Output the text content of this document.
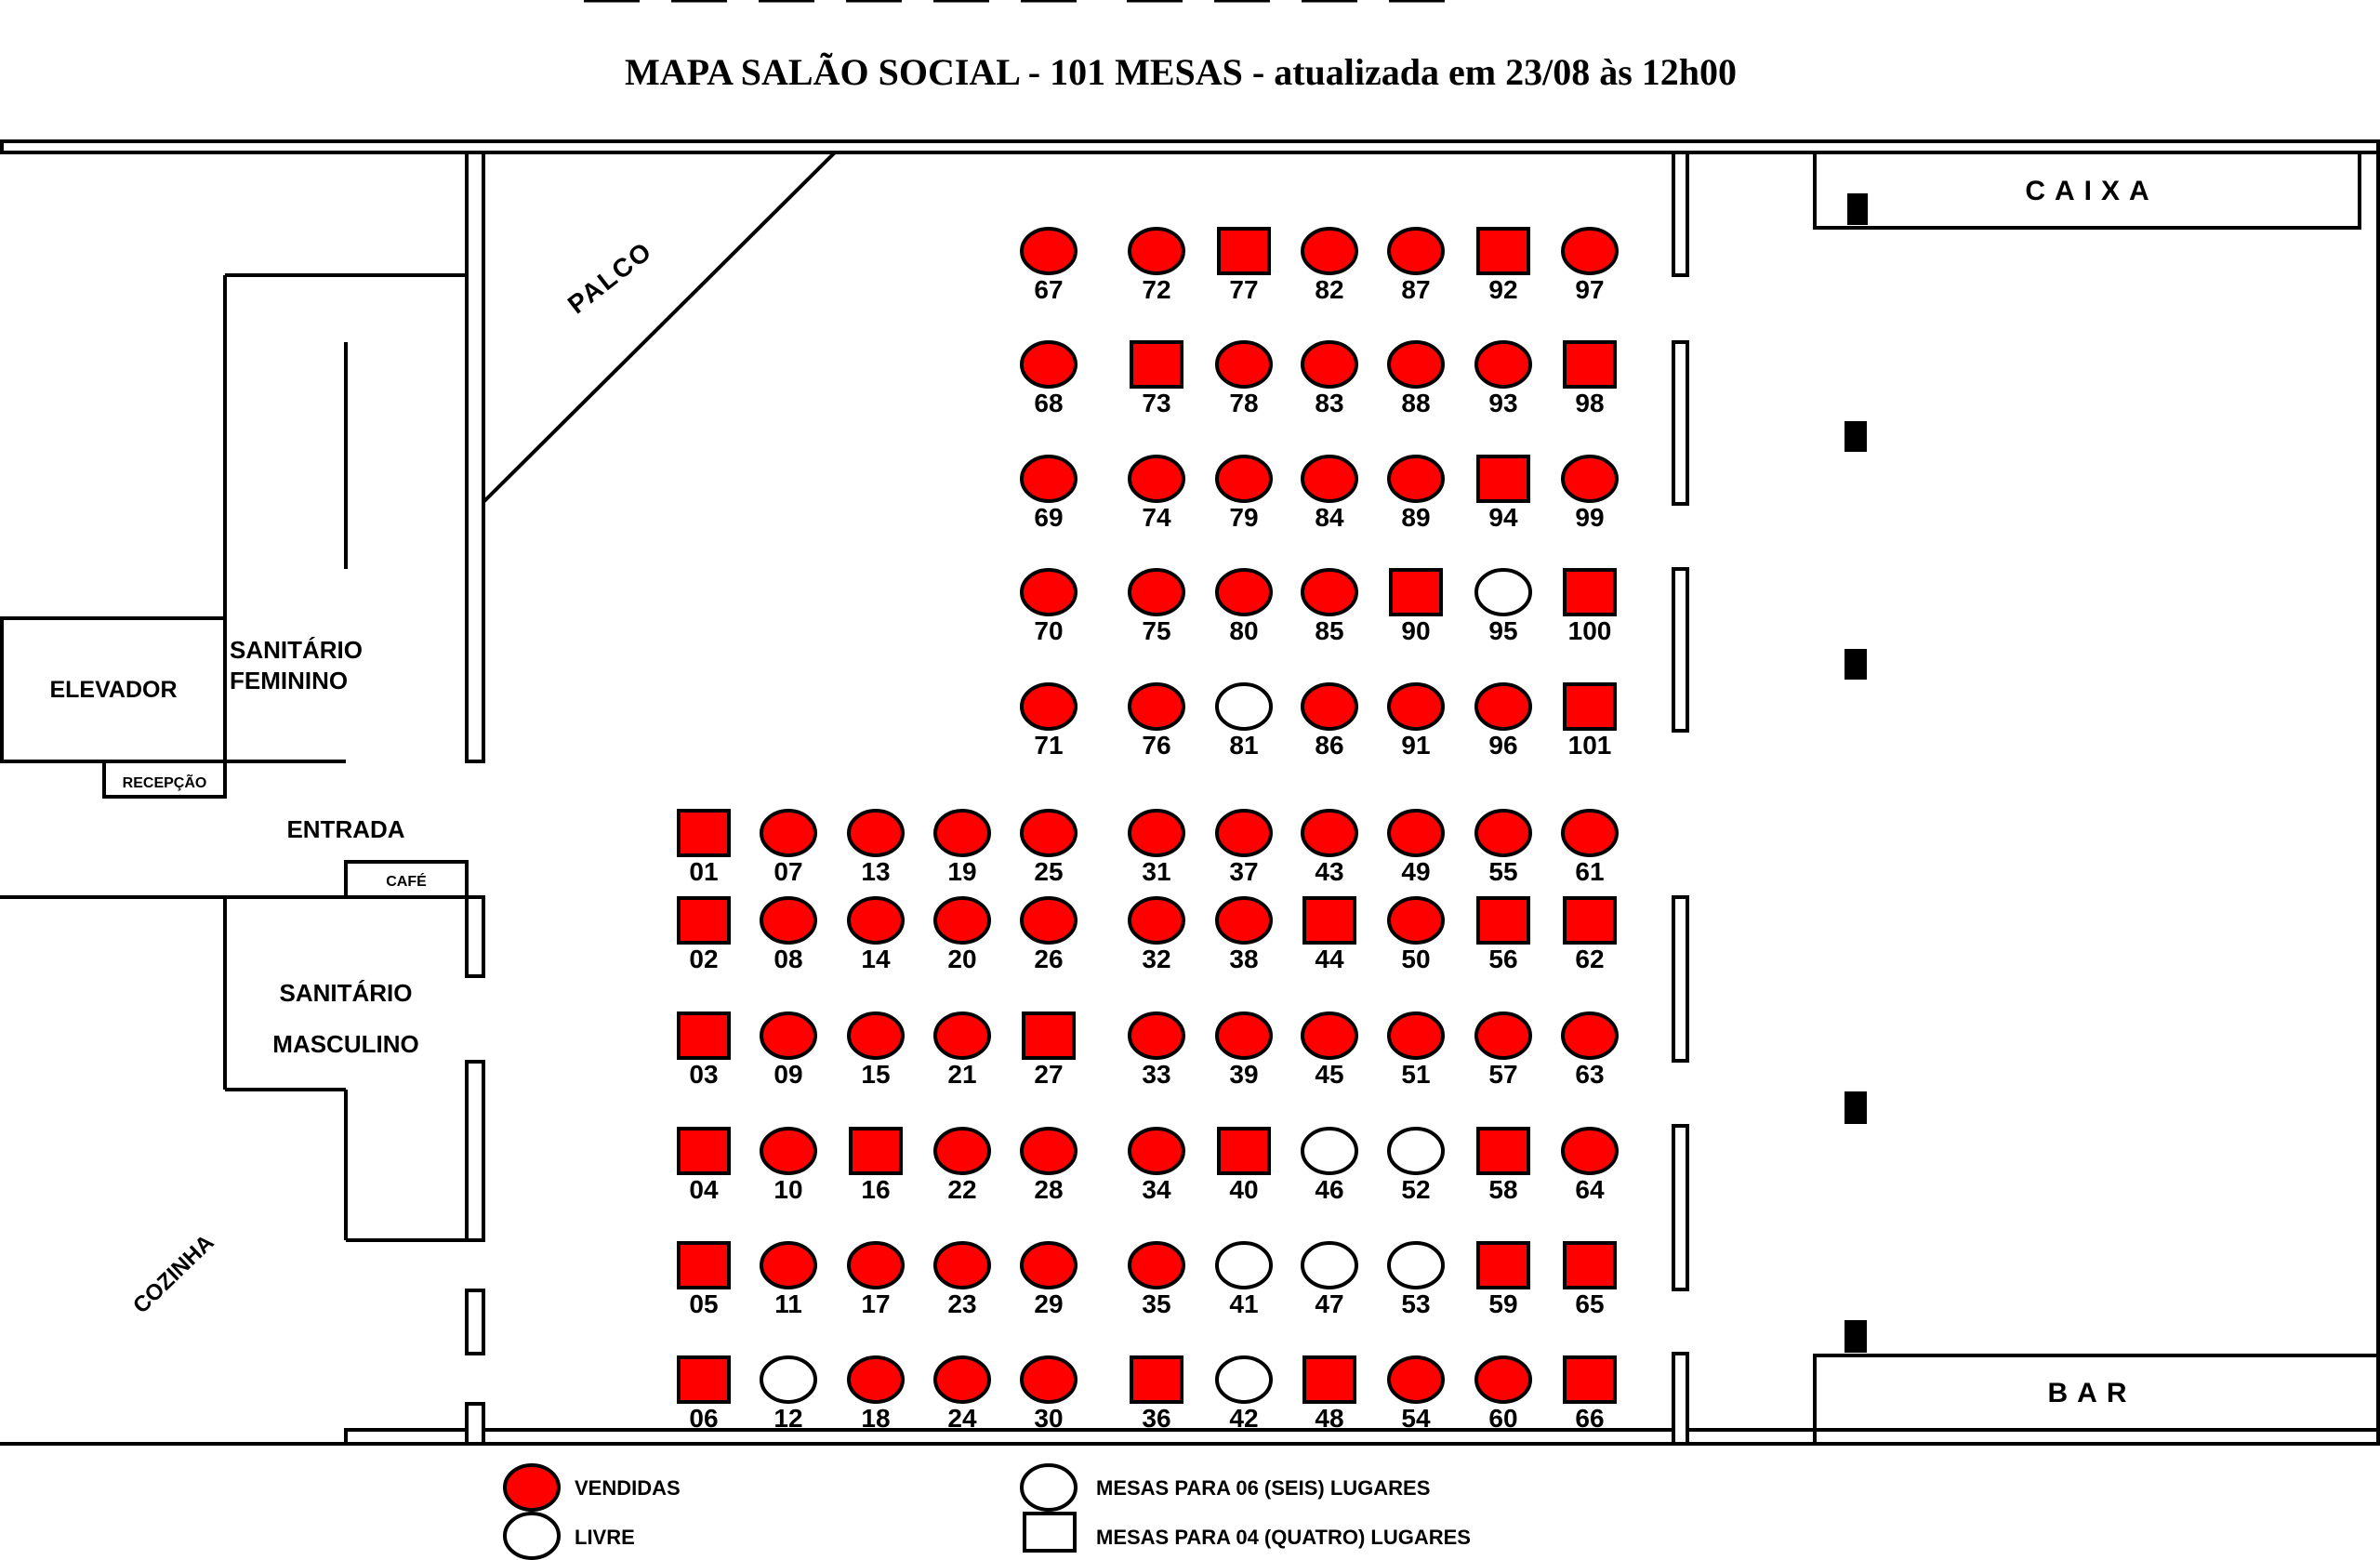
MAPA SALÃO SOCIAL - 101 MESAS - atualizada em 23/08 às 12h00
PALCO
CAIXA
BAR
ELEVADOR
RECEPÇÃO
ENTRADA
CAFÉ
SANITÁRIO
FEMININO
SANITÁRIO
MASCULINO
COZINHA
67
68
69
70
71
72
73
74
75
76
77
78
79
80
81
82
83
84
85
86
87
88
89
90
91
92
93
94
95
96
97
98
99
100
101
01
02
03
04
05
06
07
08
09
10
11
12
13
14
15
16
17
18
19
20
21
22
23
24
25
26
27
28
29
30
31
32
33
34
35
36
37
38
39
40
41
42
43
44
45
46
47
48
49
50
51
52
53
54
55
56
57
58
59
60
61
62
63
64
65
66
VENDIDAS
LIVRE
MESAS PARA 06 (SEIS) LUGARES
MESAS PARA 04 (QUATRO) LUGARES
